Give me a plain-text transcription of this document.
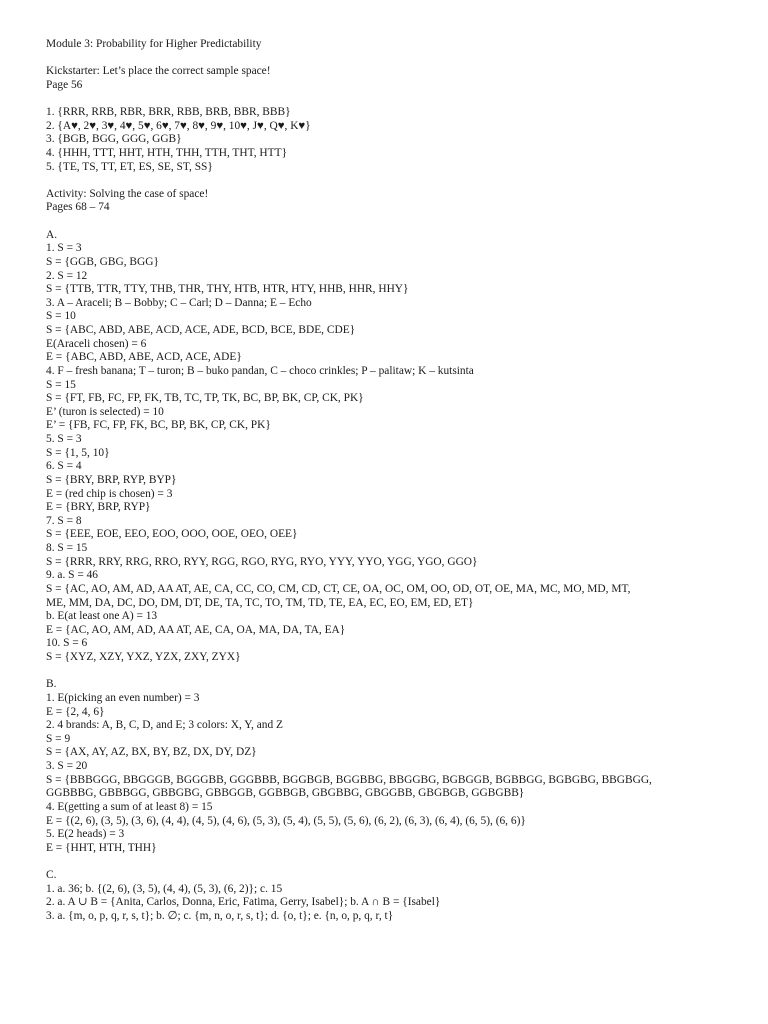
Module 3: Probability for Higher Predictability
Kickstarter: Let’s place the correct sample space!
Page 56
1. {RRR, RRB, RBR, BRR, RBB, BRB, BBR, BBB}
2. {A♥, 2♥, 3♥, 4♥, 5♥, 6♥, 7♥, 8♥, 9♥, 10♥, J♥, Q♥, K♥}
3. {BGB, BGG, GGG, GGB}
4. {HHH, TTT, HHT, HTH, THH, TTH, THT, HTT}
5. {TE, TS, TT, ET, ES, SE, ST, SS}
Activity: Solving the case of space!
Pages 68 – 74
A.
1. S = 3
S = {GGB, GBG, BGG}
2. S = 12
S = {TTB, TTR, TTY, THB, THR, THY, HTB, HTR, HTY, HHB, HHR, HHY}
3. A – Araceli; B – Bobby; C – Carl; D – Danna; E – Echo
S = 10
S = {ABC, ABD, ABE, ACD, ACE, ADE, BCD, BCE, BDE, CDE}
E(Araceli chosen) = 6
E = {ABC, ABD, ABE, ACD, ACE, ADE}
4. F – fresh banana; T – turon; B – buko pandan, C – choco crinkles; P – palitaw; K – kutsinta
S = 15
S = {FT, FB, FC, FP, FK, TB, TC, TP, TK, BC, BP, BK, CP, CK, PK}
E’ (turon is selected) = 10
E’ = {FB, FC, FP, FK, BC, BP, BK, CP, CK, PK}
5. S = 3
S = {1, 5, 10}
6. S = 4
S = {BRY, BRP, RYP, BYP}
E = (red chip is chosen) = 3
E = {BRY, BRP, RYP}
7. S = 8
S = {EEE, EOE, EEO, EOO, OOO, OOE, OEO, OEE}
8. S = 15
S = {RRR, RRY, RRG, RRO, RYY, RGG, RGO, RYG, RYO, YYY, YYO, YGG, YGO, GGO}
9. a. S = 46
S = {AC, AO, AM, AD, AA AT, AE, CA, CC, CO, CM, CD, CT, CE, OA, OC, OM, OO, OD, OT, OE, MA, MC, MO, MD, MT,
ME, MM, DA, DC, DO, DM, DT, DE, TA, TC, TO, TM, TD, TE, EA, EC, EO, EM, ED, ET}
b. E(at least one A) = 13
E = {AC, AO, AM, AD, AA AT, AE, CA, OA, MA, DA, TA, EA}
10. S = 6
S = {XYZ, XZY, YXZ, YZX, ZXY, ZYX}
B.
1. E(picking an even number) = 3
E = {2, 4, 6}
2. 4 brands: A, B, C, D, and E; 3 colors: X, Y, and Z
S = 9
S = {AX, AY, AZ, BX, BY, BZ, DX, DY, DZ}
3. S = 20
S = {BBBGGG, BBGGGB, BGGGBB, GGGBBB, BGGBGB, BGGBBG, BBGGBG, BGBGGB, BGBBGG, BGBGBG, BBGBGG,
GGBBBG, GBBBGG, GBBGBG, GBBGGB, GGBBGB, GBGBBG, GBGGBB, GBGBGB, GGBGBB}
4. E(getting a sum of at least 8) = 15
E = {(2, 6), (3, 5), (3, 6), (4, 4), (4, 5), (4, 6), (5, 3), (5, 4), (5, 5), (5, 6), (6, 2), (6, 3), (6, 4), (6, 5), (6, 6)}
5. E(2 heads) = 3
E = {HHT, HTH, THH}
C.
1. a. 36; b. {(2, 6), (3, 5), (4, 4), (5, 3), (6, 2)}; c. 15
2. a. A ∪ B = {Anita, Carlos, Donna, Eric, Fatima, Gerry, Isabel}; b. A ∩ B = {Isabel}
3. a. {m, o, p, q, r, s, t}; b. ∅; c. {m, n, o, r, s, t}; d. {o, t}; e. {n, o, p, q, r, t}
